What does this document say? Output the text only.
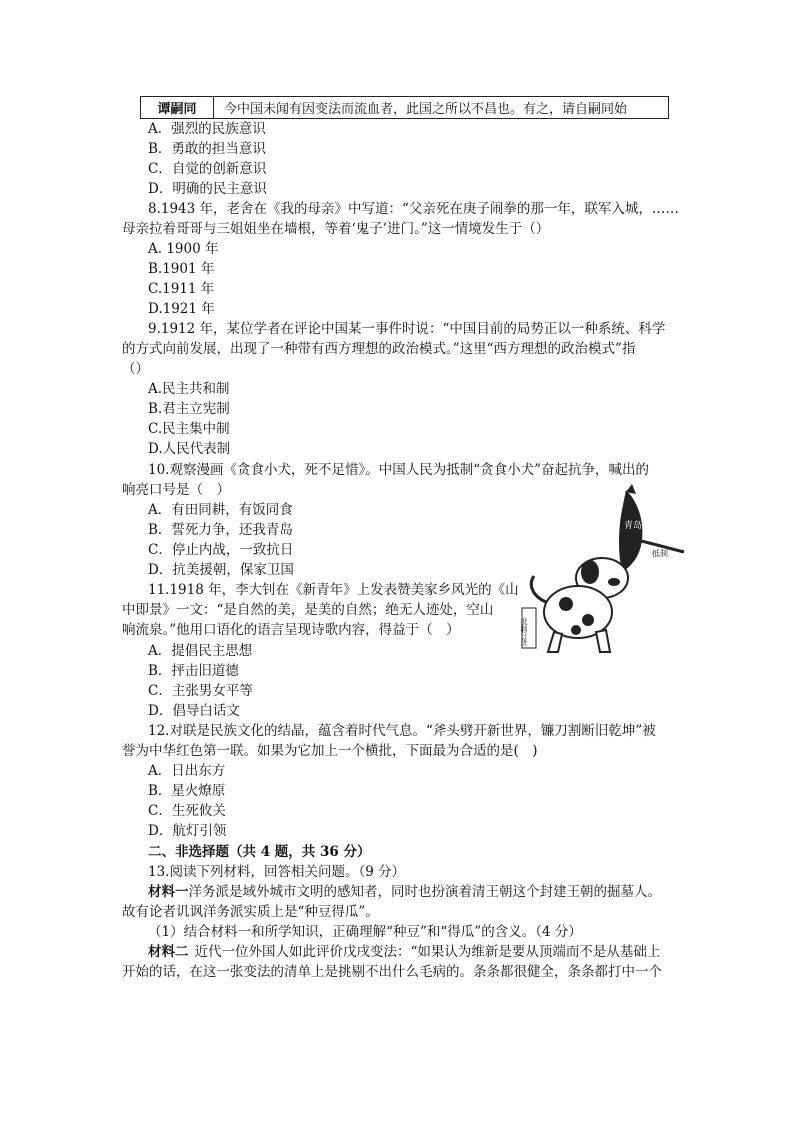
谭嗣同	今中国未闻有因变法而流血者，此国之所以不昌也。有之，请自嗣同始
A．强烈的民族意识
B．勇敢的担当意识
C．自觉的创新意识
D．明确的民主意识
8.1943 年，老舍在《我的母亲》中写道：“父亲死在庚子闹拳的那一年，联军入城，……
母亲拉着哥哥与三姐姐坐在墙根，等着‘鬼子’进门。”这一情境发生于（）
A. 1900 年
B.1901 年
C.1911 年
D.1921 年
9.1912 年，某位学者在评论中国某一事件时说：“中国目前的局势正以一种系统、科学
的方式向前发展，出现了一种带有西方理想的政治模式。”这里“西方理想的政治模式”指
（）
A.民主共和制
B.君主立宪制
C.民主集中制
D.人民代表制
10.观察漫画《贪食小犬，死不足惜》。中国人民为抵制“贪食小犬”奋起抗争，喊出的
响亮口号是（　）
A．有田同耕，有饭同食
B．誓死力争，还我青岛
C．停止内战，一致抗日
D．抗美援朝，保家卫国
青岛
抵制
抵制日货
11.1918 年，李大钊在《新青年》上发表赞美家乡风光的《山
中即景》一文：“是自然的美，是美的自然；绝无人迹处，空山
响流泉。”他用口语化的语言呈现诗歌内容，得益于（　）
A．提倡民主思想
B．抨击旧道德
C．主张男女平等
D．倡导白话文
12.对联是民族文化的结晶，蕴含着时代气息。“斧头劈开新世界，镰刀割断旧乾坤”被
誉为中华红色第一联。如果为它加上一个横批，下面最为合适的是(　)
A．日出东方
B．星火燎原
C．生死攸关
D．航灯引领
二、非选择题（共 4 题，共 36 分）
13.阅读下列材料，回答相关问题。（9 分）
材料一洋务派是域外城市文明的感知者，同时也扮演着清王朝这个封建王朝的掘墓人。
故有论者讥讽洋务派实质上是“种豆得瓜”。
（1）结合材料一和所学知识，正确理解“种豆”和“得瓜”的含义。（4 分）
材料二 近代一位外国人如此评价戊戌变法：“如果认为维新是要从顶端而不是从基础上
开始的话，在这一张变法的清单上是挑剔不出什么毛病的。条条都很健全，条条都打中一个
